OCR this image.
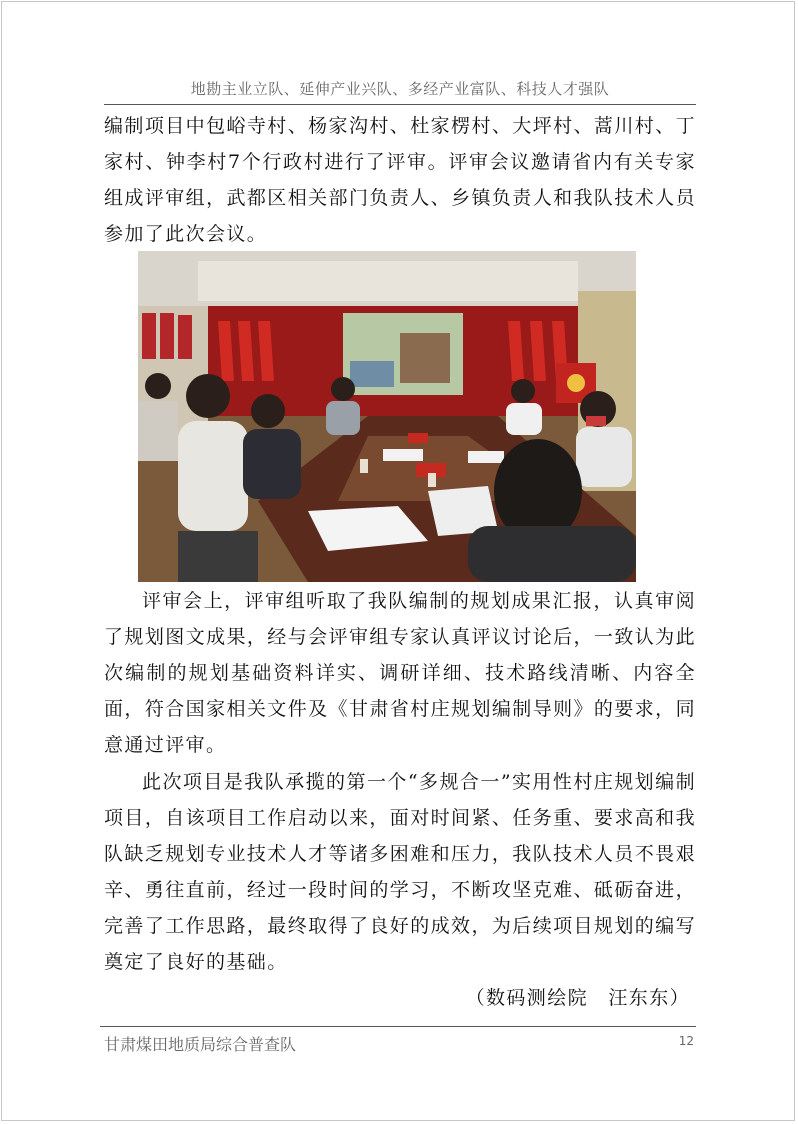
地勘主业立队、延伸产业兴队、多经产业富队、科技人才强队

编制项目中包峪寺村、杨家沟村、杜家楞村、大坪村、蒿川村、丁家村、钟李村7个行政村进行了评审。评审会议邀请省内有关专家组成评审组，武都区相关部门负责人、乡镇负责人和我队技术人员参加了此次会议。

评审会上，评审组听取了我队编制的规划成果汇报，认真审阅了规划图文成果，经与会评审组专家认真评议讨论后，一致认为此次编制的规划基础资料详实、调研详细、技术路线清晰、内容全面，符合国家相关文件及《甘肃省村庄规划编制导则》的要求，同意通过评审。

此次项目是我队承揽的第一个“多规合一”实用性村庄规划编制项目，自该项目工作启动以来，面对时间紧、任务重、要求高和我队缺乏规划专业技术人才等诸多困难和压力，我队技术人员不畏艰辛、勇往直前，经过一段时间的学习，不断攻坚克难、砥砺奋进，完善了工作思路，最终取得了良好的成效，为后续项目规划的编写奠定了良好的基础。

（数码测绘院　汪东东）
甘肃煤田地质局综合普查队	12
